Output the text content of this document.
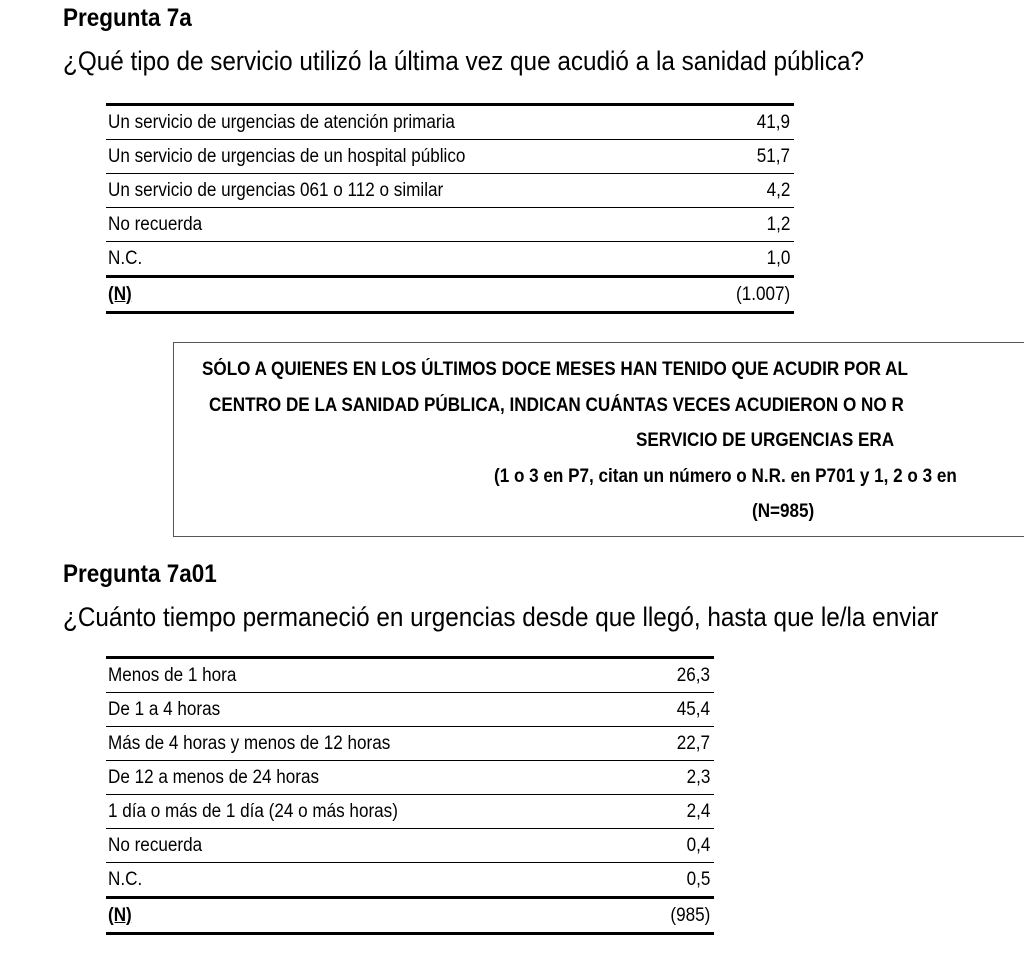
Pregunta 7a
¿Qué tipo de servicio utilizó la última vez que acudió a la sanidad pública?
Un servicio de urgencias de atención primaria	41,9
Un servicio de urgencias de un hospital público	51,7
Un servicio de urgencias 061 o 112 o similar	4,2
No recuerda	1,2
N.C.	1,0
(N)	(1.007)
SÓLO A QUIENES EN LOS ÚLTIMOS DOCE MESES HAN TENIDO QUE ACUDIR POR AL
CENTRO DE LA SANIDAD PÚBLICA, INDICAN CUÁNTAS VECES ACUDIERON O NO R
SERVICIO DE URGENCIAS ERA
(1 o 3 en P7, citan un número o N.R. en P701 y 1, 2 o 3 en
(N=985)
Pregunta 7a01
¿Cuánto tiempo permaneció en urgencias desde que llegó, hasta que le/la enviar
Menos de 1 hora	26,3
De 1 a 4 horas	45,4
Más de 4 horas y menos de 12 horas	22,7
De 12 a menos de 24 horas	2,3
1 día o más de 1 día (24 o más horas)	2,4
No recuerda	0,4
N.C.	0,5
(N)	(985)
